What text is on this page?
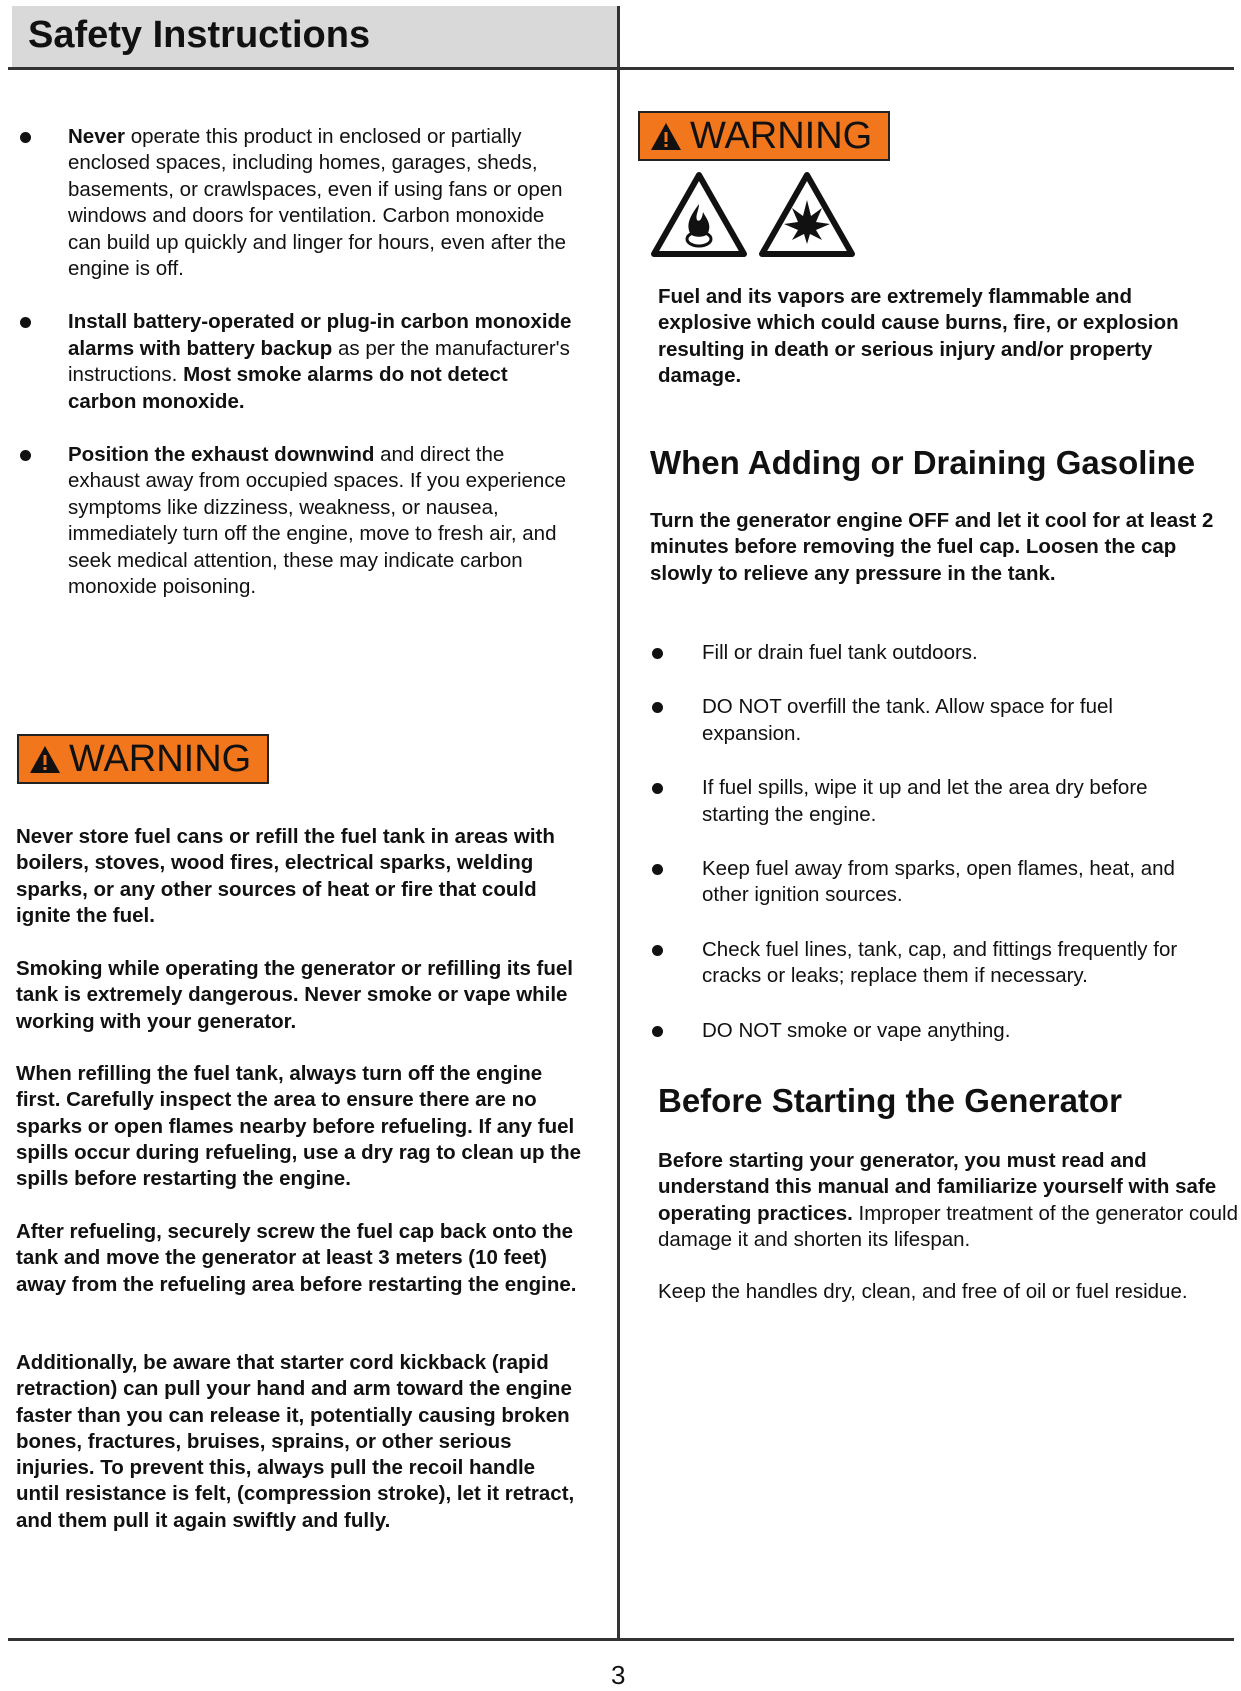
Safety Instructions
Never operate this product in enclosed or partially enclosed spaces, including homes, garages, sheds, basements, or crawlspaces, even if using fans or open windows and doors for ventilation. Carbon monoxide can build up quickly and linger for hours, even after the engine is off.
Install battery-operated or plug-in carbon monoxide alarms with battery backup as per the manufacturer's instructions. Most smoke alarms do not detect carbon monoxide.
Position the exhaust downwind and direct the exhaust away from occupied spaces. If you experience symptoms like dizziness, weakness, or nausea, immediately turn off the engine, move to fresh air, and seek medical attention, these may indicate carbon monoxide poisoning.
WARNING
Never store fuel cans or refill the fuel tank in areas with boilers, stoves, wood fires, electrical sparks, welding sparks, or any other sources of heat or fire that could ignite the fuel.
Smoking while operating the generator or refilling its fuel tank is extremely dangerous. Never smoke or vape while working with your generator.
When refilling the fuel tank, always turn off the engine first. Carefully inspect the area to ensure there are no sparks or open flames nearby before refueling. If any fuel spills occur during refueling, use a dry rag to clean up the spills before restarting the engine.
After refueling, securely screw the fuel cap back onto the tank and move the generator at least 3 meters (10 feet) away from the refueling area before restarting the engine.
Additionally, be aware that starter cord kickback (rapid retraction) can pull your hand and arm toward the engine faster than you can release it, potentially causing broken bones, fractures, bruises, sprains, or other serious injuries. To prevent this, always pull the recoil handle until resistance is felt, (compression stroke), let it retract, and them pull it again swiftly and fully.
WARNING
Fuel and its vapors are extremely flammable and explosive which could cause burns, fire, or explosion resulting in death or serious injury and/or property damage.
When Adding or Draining Gasoline
Turn the generator engine OFF and let it cool for at least 2 minutes before removing the fuel cap. Loosen the cap slowly to relieve any pressure in the tank.
Fill or drain fuel tank outdoors.
DO NOT overfill the tank. Allow space for fuel expansion.
If fuel spills, wipe it up and let the area dry before starting the engine.
Keep fuel away from sparks, open flames, heat, and other ignition sources.
Check fuel lines, tank, cap, and fittings frequently for cracks or leaks; replace them if necessary.
DO NOT smoke or vape anything.
Before Starting the Generator
Before starting your generator, you must read and understand this manual and familiarize yourself with safe operating practices. Improper treatment of the generator could damage it and shorten its lifespan.
Keep the handles dry, clean, and free of oil or fuel residue.
3
